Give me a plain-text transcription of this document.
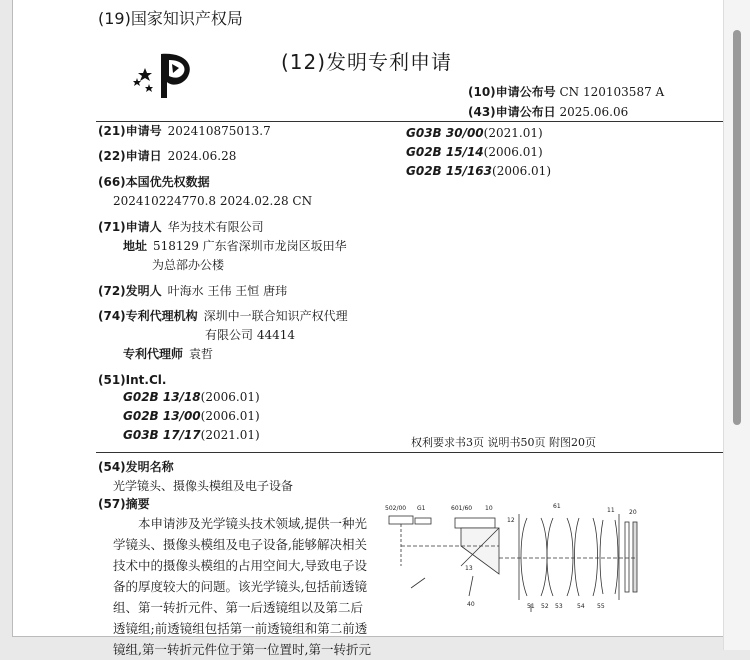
(19)国家知识产权局
(12)发明专利申请
(10)申请公布号 CN 120103587 A
(43)申请公布日 2025.06.06
(21)申请号 202410875013.7
(22)申请日 2024.06.28
(66)本国优先权数据
202410224770.8 2024.02.28 CN
(71)申请人 华为技术有限公司
地址 518129 广东省深圳市龙岗区坂田华
为总部办公楼
(72)发明人 叶海水 王伟 王恒 唐玮
(74)专利代理机构 深圳中一联合知识产权代理
有限公司 44414
专利代理师 袁哲
(51)Int.Cl.
G02B 13/18(2006.01)
G02B 13/00(2006.01)
G03B 17/17(2021.01)
G03B 30/00(2021.01)
G02B 15/14(2006.01)
G02B 15/163(2006.01)
权利要求书3页 说明书50页 附图20页
(54)发明名称
光学镜头、摄像头模组及电子设备
(57)摘要
本申请涉及光学镜头技术领域,提供一种光学镜头、摄像头模组及电子设备,能够解决相关技术中的摄像头模组的占用空间大,导致电子设备的厚度较大的问题。该光学镜头,包括前透镜组、第一转折元件、第一后透镜组以及第二后透镜组;前透镜组包括第一前透镜组和第二前透镜组,第一转折元件位于第一位置时,第一转折元
502/00 G1	601/60 10
12
61
13
20
40
11
51 52 53 54 55
